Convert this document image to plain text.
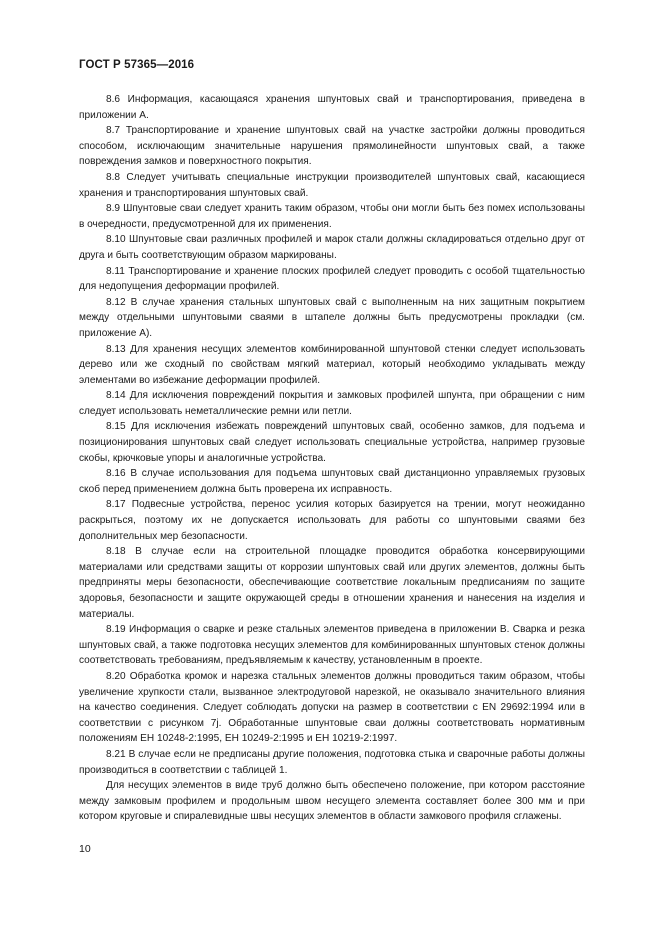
ГОСТ Р 57365—2016

8.6 Информация, касающаяся хранения шпунтовых свай и транспортирования, приведена в приложении А.

8.7 Транспортирование и хранение шпунтовых свай на участке застройки должны проводиться способом, исключающим значительные нарушения прямолинейности шпунтовых свай, а также повреждения замков и поверхностного покрытия.

8.8 Следует учитывать специальные инструкции производителей шпунтовых свай, касающиеся хранения и транспортирования шпунтовых свай.

8.9 Шпунтовые сваи следует хранить таким образом, чтобы они могли быть без помех использованы в очередности, предусмотренной для их применения.

8.10 Шпунтовые сваи различных профилей и марок стали должны складироваться отдельно друг от друга и быть соответствующим образом маркированы.

8.11 Транспортирование и хранение плоских профилей следует проводить с особой тщательностью для недопущения деформации профилей.

8.12 В случае хранения стальных шпунтовых свай с выполненным на них защитным покрытием между отдельными шпунтовыми сваями в штапеле должны быть предусмотрены прокладки (см. приложение А).

8.13 Для хранения несущих элементов комбинированной шпунтовой стенки следует использовать дерево или же сходный по свойствам мягкий материал, который необходимо укладывать между элементами во избежание деформации профилей.

8.14 Для исключения повреждений покрытия и замковых профилей шпунта, при обращении с ним следует использовать неметаллические ремни или петли.

8.15 Для исключения избежать повреждений шпунтовых свай, особенно замков, для подъема и позиционирования шпунтовых свай следует использовать специальные устройства, например грузовые скобы, крючковые упоры и аналогичные устройства.

8.16 В случае использования для подъема шпунтовых свай дистанционно управляемых грузовых скоб перед применением должна быть проверена их исправность.

8.17 Подвесные устройства, перенос усилия которых базируется на трении, могут неожиданно раскрыться, поэтому их не допускается использовать для работы со шпунтовыми сваями без дополнительных мер безопасности.

8.18 В случае если на строительной площадке проводится обработка консервирующими материалами или средствами защиты от коррозии шпунтовых свай или других элементов, должны быть предприняты меры безопасности, обеспечивающие соответствие локальным предписаниям по защите здоровья, безопасности и защите окружающей среды в отношении хранения и нанесения на изделия и материалы.

8.19 Информация о сварке и резке стальных элементов приведена в приложении В. Сварка и резка шпунтовых свай, а также подготовка несущих элементов для комбинированных шпунтовых стенок должны соответствовать требованиям, предъявляемым к качеству, установленным в проекте.

8.20 Обработка кромок и нарезка стальных элементов должны проводиться таким образом, чтобы увеличение хрупкости стали, вызванное электродуговой нарезкой, не оказывало значительного влияния на качество соединения. Следует соблюдать допуски на размер в соответствии с EN 29692:1994 или в соответствии с рисунком 7j. Обработанные шпунтовые сваи должны соответствовать нормативным положениям ЕН 10248-2:1995, ЕН 10249-2:1995 и ЕН 10219-2:1997.

8.21 В случае если не предписаны другие положения, подготовка стыка и сварочные работы должны производиться в соответствии с таблицей 1.

Для несущих элементов в виде труб должно быть обеспечено положение, при котором расстояние между замковым профилем и продольным швом несущего элемента составляет более 300 мм и при котором круговые и спиралевидные швы несущих элементов в области замкового профиля сглажены.

10
